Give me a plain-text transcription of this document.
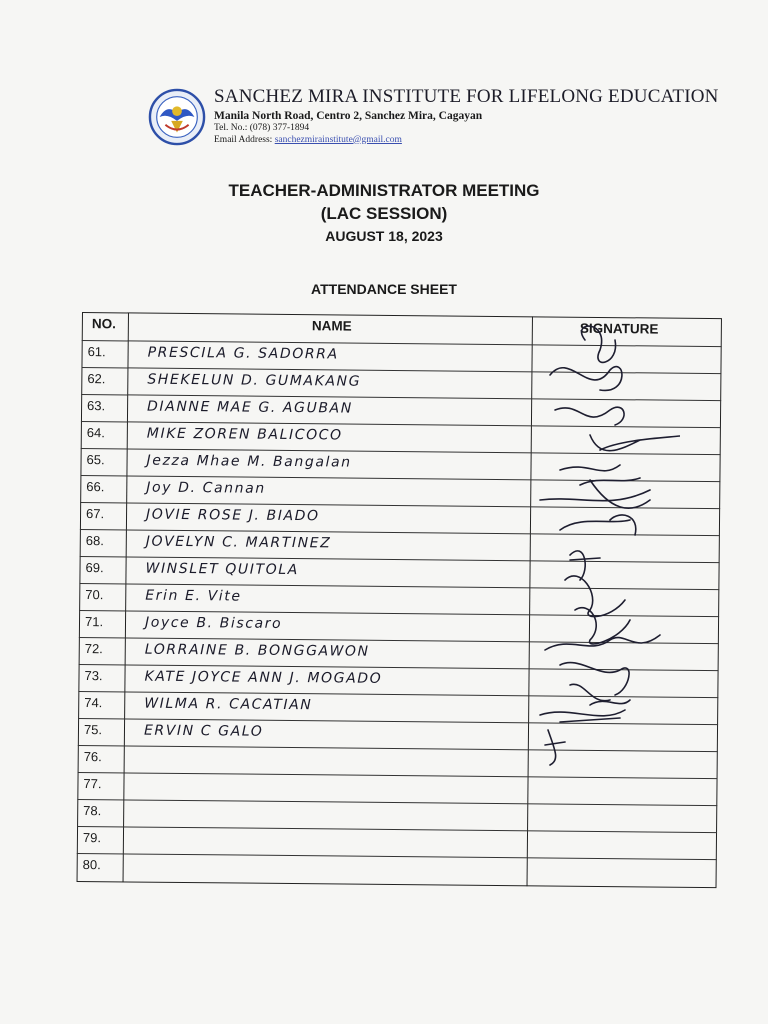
SANCHEZ MIRA INSTITUTE FOR LIFELONG EDUCATION
Manila North Road, Centro 2, Sanchez Mira, Cagayan
Tel. No.: (078) 377-1894
Email Address: sanchezmirainstitute@gmail.com
TEACHER-ADMINISTRATOR MEETING
(LAC SESSION)
AUGUST 18, 2023
ATTENDANCE SHEET
NO.	NAME	SIGNATURE
61.	PRESCILA G. SADORRA
62.	SHEKELUN D. GUMAKANG
63.	DIANNE MAE G. AGUBAN
64.	MIKE ZOREN BALICOCO
65.	Jezza Mhae M. Bangalan
66.	Joy D. Cannan
67.	JOVIE ROSE J. BIADO
68.	JOVELYN C. MARTINEZ
69.	WINSLET QUITOLA
70.	Erin E. Vite
71.	Joyce B. Biscaro
72.	LORRAINE B. BONGGAWON
73.	KATE JOYCE ANN J. MOGADO
74.	WILMA R. CACATIAN
75.	ERVIN C GALO
76.
77.
78.
79.
80.
